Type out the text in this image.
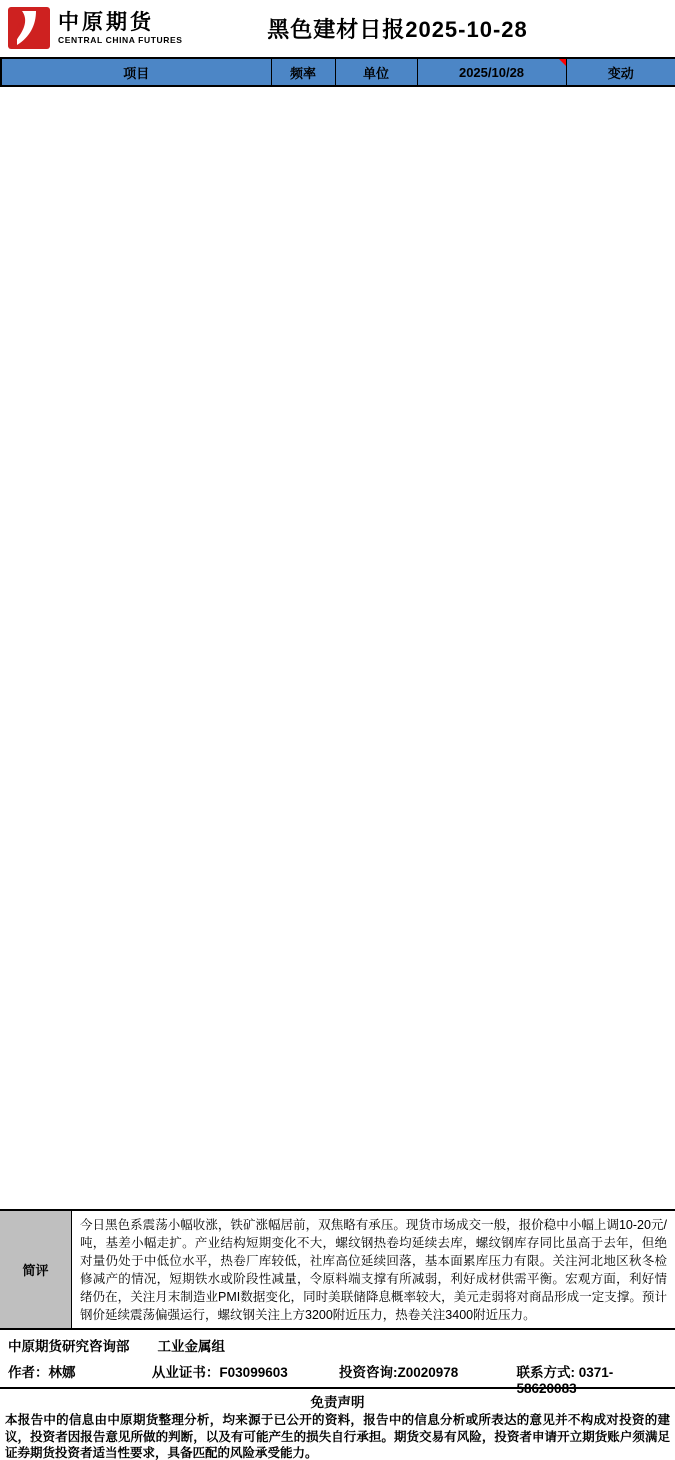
中原期货
CENTRAL CHINA FUTURES	黑色建材日报2025-10-28
项目	频率	单位	2025/10/28	变动
简评
今日黑色系震荡小幅收涨，铁矿涨幅居前，双焦略有承压。现货市场成交一般，报价稳中小幅上调10-20元/吨，基差小幅走扩。产业结构短期变化不大，螺纹钢热卷均延续去库，螺纹钢库存同比虽高于去年，但绝对量仍处于中低位水平，热卷厂库较低，社库高位延续回落，基本面累库压力有限。关注河北地区秋冬检修减产的情况，短期铁水或阶段性减量，令原料端支撑有所减弱，利好成材供需平衡。宏观方面，利好情绪仍在，关注月末制造业PMI数据变化，同时美联储降息概率较大，美元走弱将对商品形成一定支撑。预计钢价延续震荡偏强运行，螺纹钢关注上方3200附近压力，热卷关注3400附近压力。
中原期货研究咨询部 工业金属组
作者：林娜	从业证书：F03099603	投资咨询:Z0020978	联系方式: 0371-58620083
免责声明
本报告中的信息由中原期货整理分析，均来源于已公开的资料，报告中的信息分析或所表达的意见并不构成对投资的建议，投资者因报告意见所做的判断，以及有可能产生的损失自行承担。期货交易有风险，投资者申请开立期货账户须满足证券期货投资者适当性要求，具备匹配的风险承受能力。
